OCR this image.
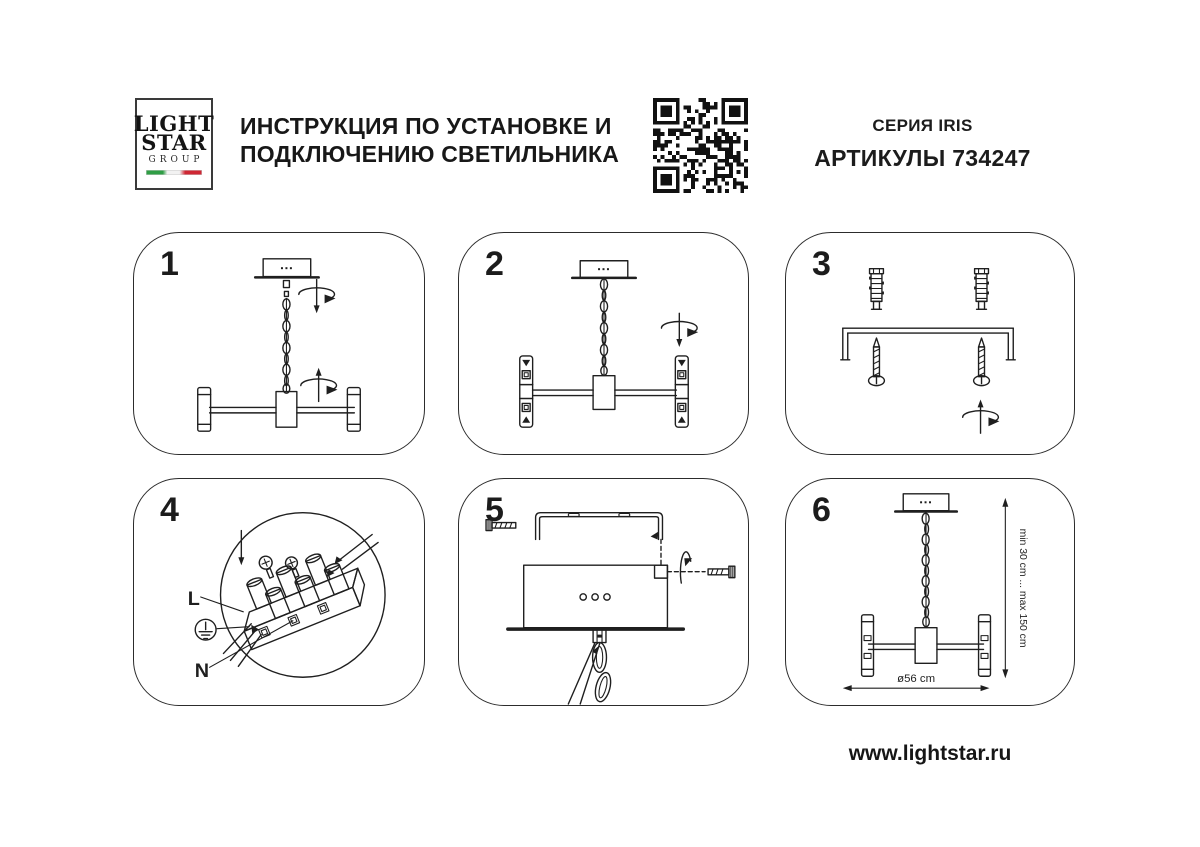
LIGHT
STAR
GROUP
ИНСТРУКЦИЯ ПО УСТАНОВКЕ И
ПОДКЛЮЧЕНИЮ СВЕТИЛЬНИКА
СЕРИЯ IRIS
АРТИКУЛЫ 734247
1	2	3
4
L
N
5	6
min 30 cm ... max 150 cm
ø56 cm
www.lightstar.ru
